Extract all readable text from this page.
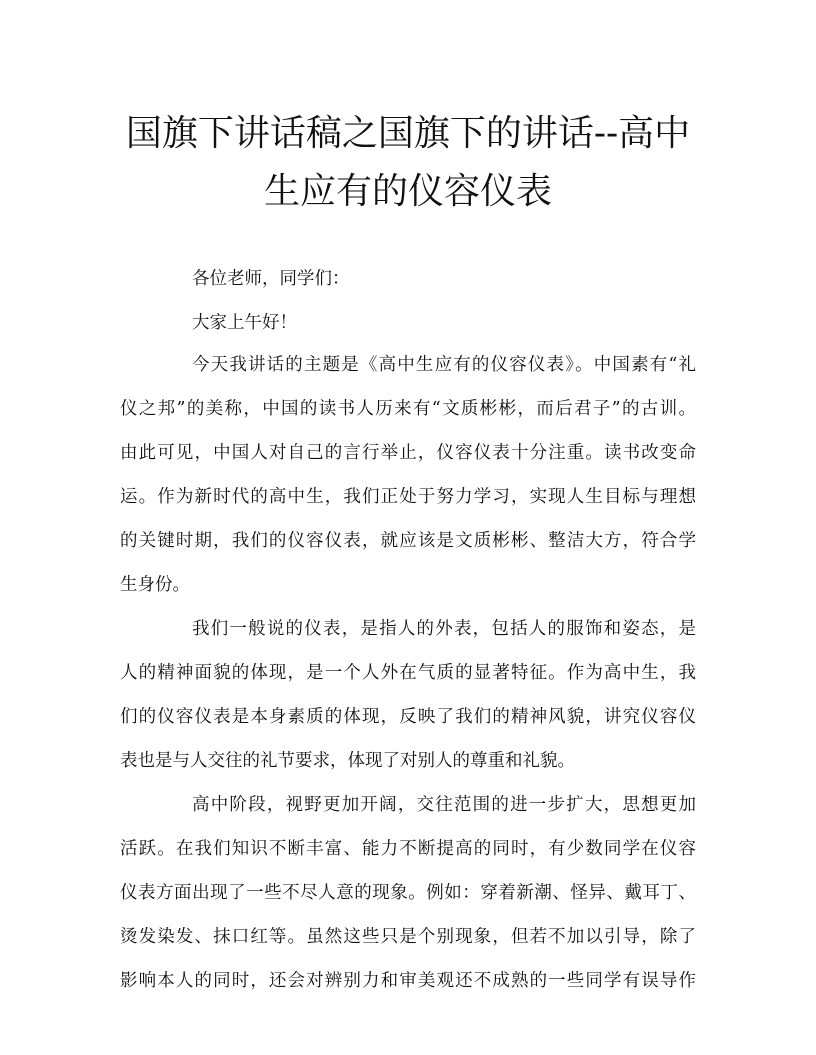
国旗下讲话稿之国旗下的讲话--高中
生应有的仪容仪表
各位老师，同学们：
大家上午好！
今天我讲话的主题是《高中生应有的仪容仪表》。中国素有“礼
仪之邦”的美称，中国的读书人历来有“文质彬彬，而后君子”的古训。
由此可见，中国人对自己的言行举止，仪容仪表十分注重。读书改变命
运。作为新时代的高中生，我们正处于努力学习，实现人生目标与理想
的关键时期，我们的仪容仪表，就应该是文质彬彬、整洁大方，符合学
生身份。
我们一般说的仪表，是指人的外表，包括人的服饰和姿态，是
人的精神面貌的体现，是一个人外在气质的显著特征。作为高中生，我
们的仪容仪表是本身素质的体现，反映了我们的精神风貌，讲究仪容仪
表也是与人交往的礼节要求，体现了对别人的尊重和礼貌。
高中阶段，视野更加开阔，交往范围的进一步扩大，思想更加
活跃。在我们知识不断丰富、能力不断提高的同时，有少数同学在仪容
仪表方面出现了一些不尽人意的现象。例如：穿着新潮、怪异、戴耳丁、
烫发染发、抹口红等。虽然这些只是个别现象，但若不加以引导，除了
影响本人的同时，还会对辨别力和审美观还不成熟的一些同学有误导作
